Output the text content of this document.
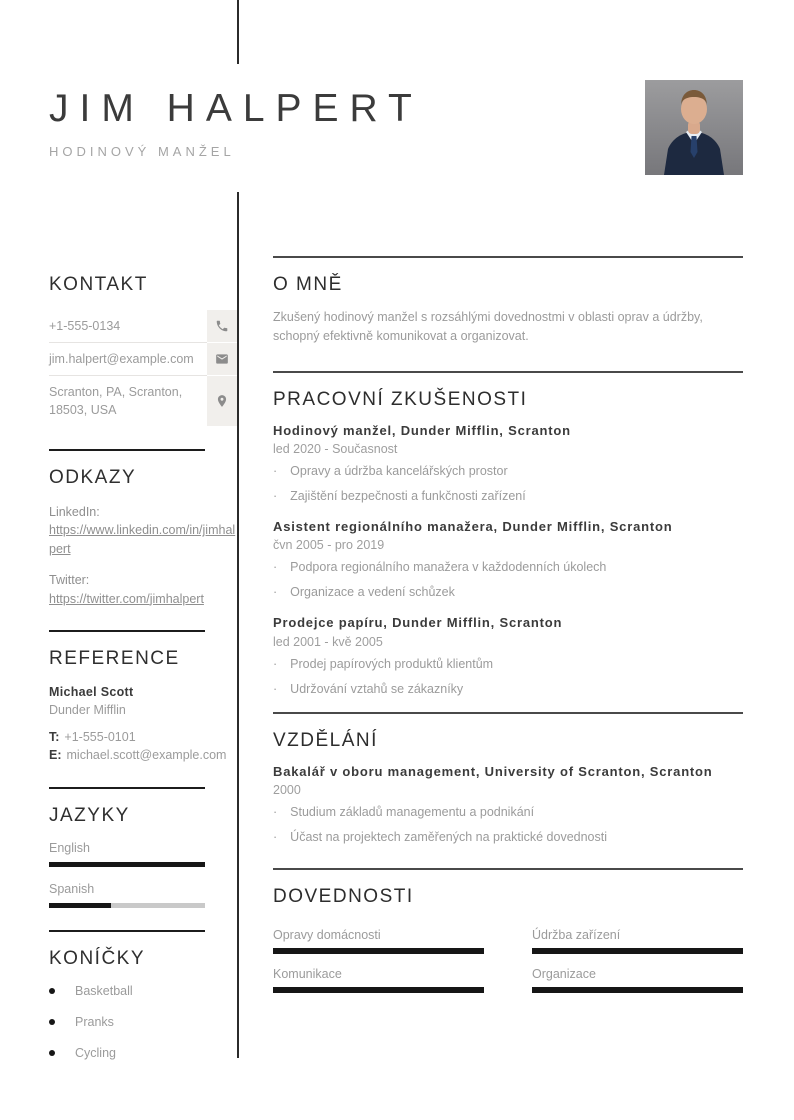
JIM HALPERT
HODINOVÝ MANŽEL
KONTAKT
+1-555-0134
jim.halpert@example.com
Scranton, PA, Scranton, 18503, USA
ODKAZY
LinkedIn:
https://www.linkedin.com/in/jimhalpert
Twitter:
https://twitter.com/jimhalpert
REFERENCE
Michael Scott
Dunder Mifflin
T: +1-555-0101
E: michael.scott@example.com
JAZYKY
English
Spanish
KONÍČKY
Basketball
Pranks
Cycling
O MNĚ

Zkušený hodinový manžel s rozsáhlými dovednostmi v oblasti oprav a údržby, schopný efektivně komunikovat a organizovat.

PRACOVNÍ ZKUŠENOSTI
Hodinový manžel, Dunder Mifflin, Scranton
led 2020 - Současnost
· Opravy a údržba kancelářských prostor
· Zajištění bezpečnosti a funkčnosti zařízení
Asistent regionálního manažera, Dunder Mifflin, Scranton
čvn 2005 - pro 2019
· Podpora regionálního manažera v každodenních úkolech
· Organizace a vedení schůzek
Prodejce papíru, Dunder Mifflin, Scranton
led 2001 - kvě 2005
· Prodej papírových produktů klientům
· Udržování vztahů se zákazníky
VZDĚLÁNÍ
Bakalář v oboru management, University of Scranton, Scranton
2000
· Studium základů managementu a podnikání
· Účast na projektech zaměřených na praktické dovednosti
DOVEDNOSTI
Opravy domácnosti	Údržba zařízení
Komunikace	Organizace
